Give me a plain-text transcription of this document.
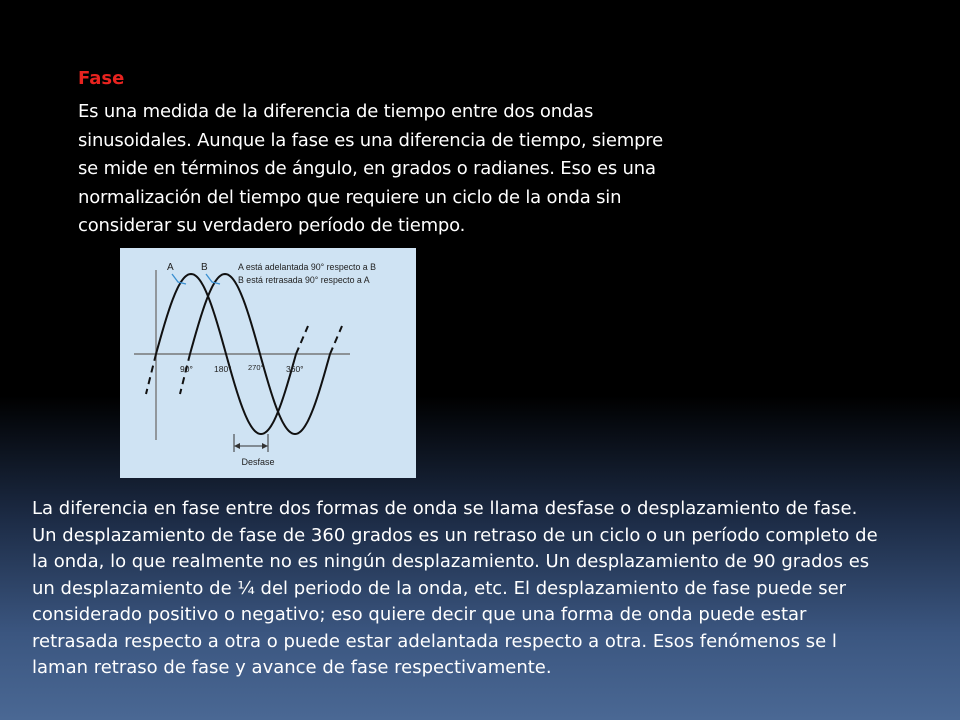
Fase
Es una medida de la diferencia de tiempo entre dos ondas
sinusoidales. Aunque la fase es una diferencia de tiempo, siempre
se mide en términos de ángulo, en grados o radianes. Eso es una
normalización del tiempo que requiere un ciclo de la onda sin
considerar su verdadero período de tiempo.
A	B	A está adelantada 90° respecto a B
B está retrasada 90° respecto a A
90° 180° 270°	360°
Desfase
La diferencia en fase entre dos formas de onda se llama desfase o desplazamiento de fase.
Un desplazamiento de fase de 360 grados es un retraso de un ciclo o un período completo de
la onda, lo que realmente no es ningún desplazamiento. Un desplazamiento de 90 grados es
un desplazamiento de ¼ del periodo de la onda, etc. El desplazamiento de fase puede ser
considerado positivo o negativo; eso quiere decir que una forma de onda puede estar
retrasada respecto a otra o puede estar adelantada respecto a otra. Esos fenómenos se l
laman retraso de fase y avance de fase respectivamente.
